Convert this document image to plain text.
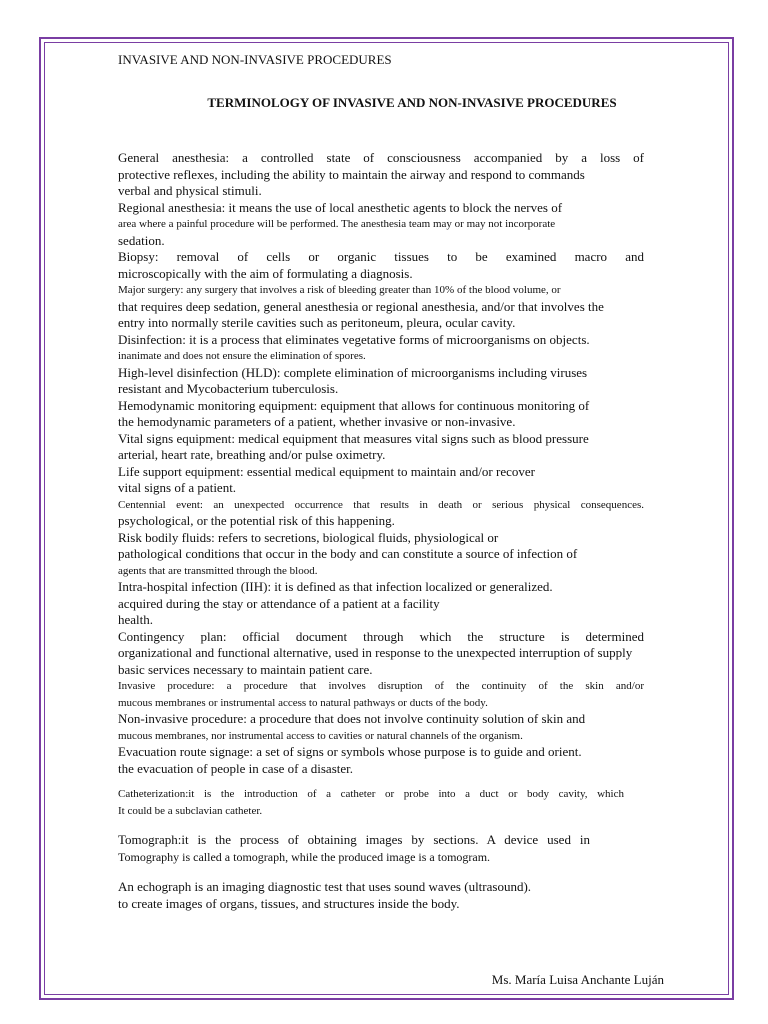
INVASIVE AND NON-INVASIVE PROCEDURES
TERMINOLOGY OF INVASIVE AND NON-INVASIVE PROCEDURES
General anesthesia: a controlled state of consciousness accompanied by a loss of
protective reflexes, including the ability to maintain the airway and respond to commands
verbal and physical stimuli.
Regional anesthesia: it means the use of local anesthetic agents to block the nerves of
area where a painful procedure will be performed. The anesthesia team may or may not incorporate
sedation.
Biopsy: removal of cells or organic tissues to be examined macro and
microscopically with the aim of formulating a diagnosis.
Major surgery: any surgery that involves a risk of bleeding greater than 10% of the blood volume, or
that requires deep sedation, general anesthesia or regional anesthesia, and/or that involves the
entry into normally sterile cavities such as peritoneum, pleura, ocular cavity.
Disinfection: it is a process that eliminates vegetative forms of microorganisms on objects.
inanimate and does not ensure the elimination of spores.
High-level disinfection (HLD): complete elimination of microorganisms including viruses
resistant and Mycobacterium tuberculosis.
Hemodynamic monitoring equipment: equipment that allows for continuous monitoring of
the hemodynamic parameters of a patient, whether invasive or non-invasive.
Vital signs equipment: medical equipment that measures vital signs such as blood pressure
arterial, heart rate, breathing and/or pulse oximetry.
Life support equipment: essential medical equipment to maintain and/or recover
vital signs of a patient.
Centennial event: an unexpected occurrence that results in death or serious physical consequences.
psychological, or the potential risk of this happening.
Risk bodily fluids: refers to secretions, biological fluids, physiological or
pathological conditions that occur in the body and can constitute a source of infection of
agents that are transmitted through the blood.
Intra-hospital infection (IIH): it is defined as that infection localized or generalized.
acquired during the stay or attendance of a patient at a facility
health.
Contingency plan: official document through which the structure is determined
organizational and functional alternative, used in response to the unexpected interruption of supply
basic services necessary to maintain patient care.
Invasive procedure: a procedure that involves disruption of the continuity of the skin and/or
mucous membranes or instrumental access to natural pathways or ducts of the body.
Non-invasive procedure: a procedure that does not involve continuity solution of skin and
mucous membranes, nor instrumental access to cavities or natural channels of the organism.
Evacuation route signage: a set of signs or symbols whose purpose is to guide and orient.
the evacuation of people in case of a disaster.
Catheterization:it is the introduction of a catheter or probe into a duct or body cavity, which
It could be a subclavian catheter.
Tomograph:it is the process of obtaining images by sections. A device used in
Tomography is called a tomograph, while the produced image is a tomogram.
An echograph is an imaging diagnostic test that uses sound waves (ultrasound).
to create images of organs, tissues, and structures inside the body.
Ms. María Luisa Anchante Luján
